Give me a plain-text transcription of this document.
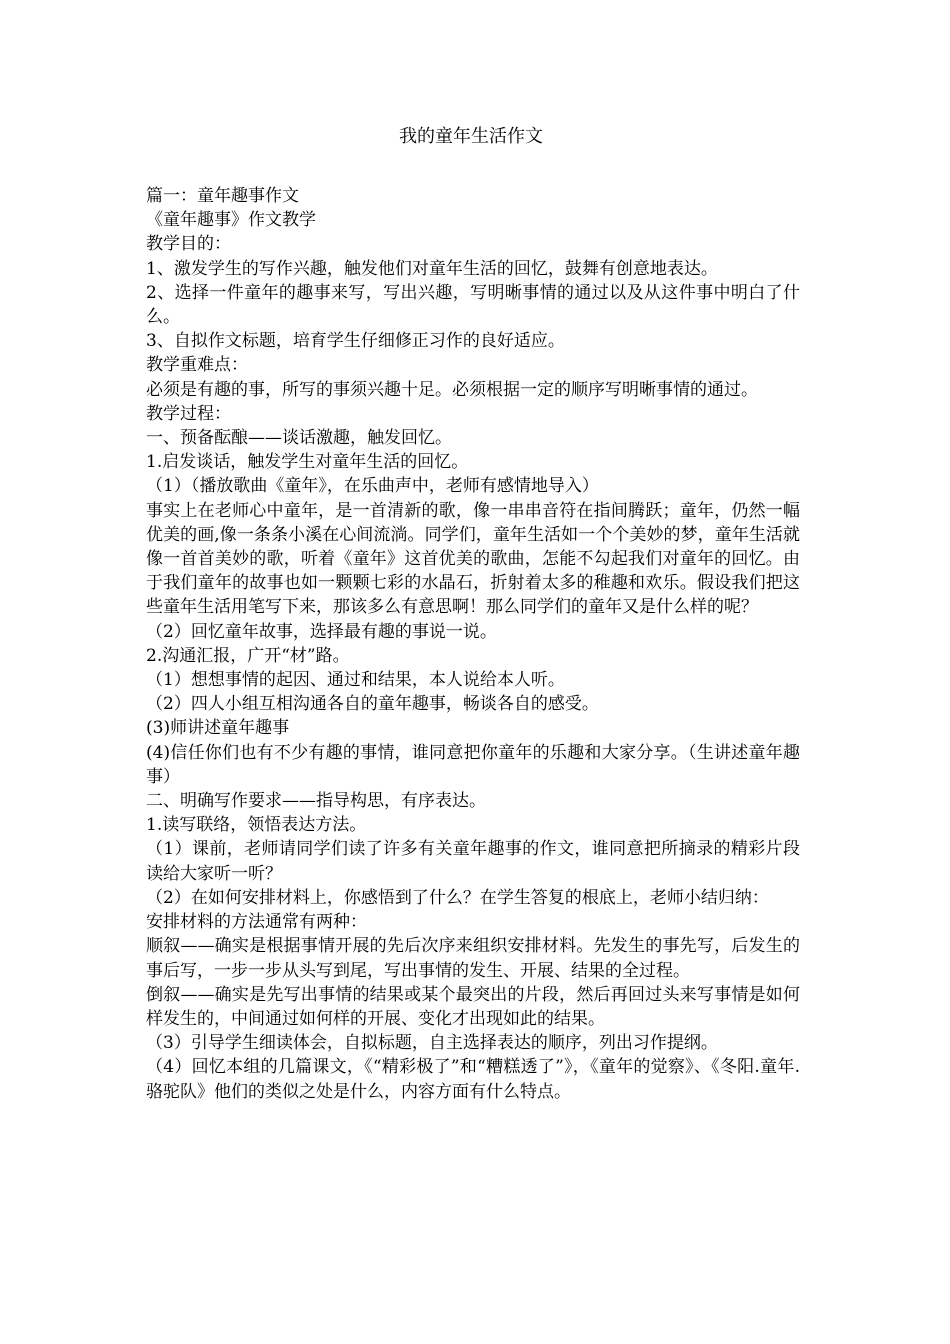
我的童年生活作文

篇一：童年趣事作文

《童年趣事》作文教学

教学目的：

1、激发学生的写作兴趣，触发他们对童年生活的回忆，鼓舞有创意地表达。

2、选择一件童年的趣事来写，写出兴趣，写明晰事情的通过以及从这件事中明白了什么。

3、自拟作文标题，培育学生仔细修正习作的良好适应。

教学重难点：

必须是有趣的事，所写的事须兴趣十足。必须根据一定的顺序写明晰事情的通过。

教学过程：

一、预备酝酿——谈话激趣，触发回忆。

1.启发谈话，触发学生对童年生活的回忆。

（1）（播放歌曲《童年》，在乐曲声中，老师有感情地导入）

事实上在老师心中童年，是一首清新的歌，像一串串音符在指间腾跃；童年，仍然一幅优美的画,像一条条小溪在心间流淌。同学们，童年生活如一个个美妙的梦，童年生活就像一首首美妙的歌，听着《童年》这首优美的歌曲，怎能不勾起我们对童年的回忆。由于我们童年的故事也如一颗颗七彩的水晶石，折射着太多的稚趣和欢乐。假设我们把这些童年生活用笔写下来，那该多么有意思啊！那么同学们的童年又是什么样的呢？

（2）回忆童年故事，选择最有趣的事说一说。

2.沟通汇报，广开“材”路。

（1）想想事情的起因、通过和结果，本人说给本人听。

（2）四人小组互相沟通各自的童年趣事，畅谈各自的感受。

(3)师讲述童年趣事

(4)信任你们也有不少有趣的事情，谁同意把你童年的乐趣和大家分享。（生讲述童年趣事）

二、明确写作要求——指导构思，有序表达。

1.读写联络，领悟表达方法。

（1）课前，老师请同学们读了许多有关童年趣事的作文，谁同意把所摘录的精彩片段读给大家听一听？

（2）在如何安排材料上，你感悟到了什么？在学生答复的根底上，老师小结归纳：

安排材料的方法通常有两种：

顺叙——确实是根据事情开展的先后次序来组织安排材料。先发生的事先写，后发生的事后写，一步一步从头写到尾，写出事情的发生、开展、结果的全过程。

倒叙——确实是先写出事情的结果或某个最突出的片段，然后再回过头来写事情是如何样发生的，中间通过如何样的开展、变化才出现如此的结果。

（3）引导学生细读体会，自拟标题，自主选择表达的顺序，列出习作提纲。

（4）回忆本组的几篇课文，《“精彩极了”和“糟糕透了”》，《童年的觉察》、《冬阳.童年.骆驼队》他们的类似之处是什么，内容方面有什么特点。
